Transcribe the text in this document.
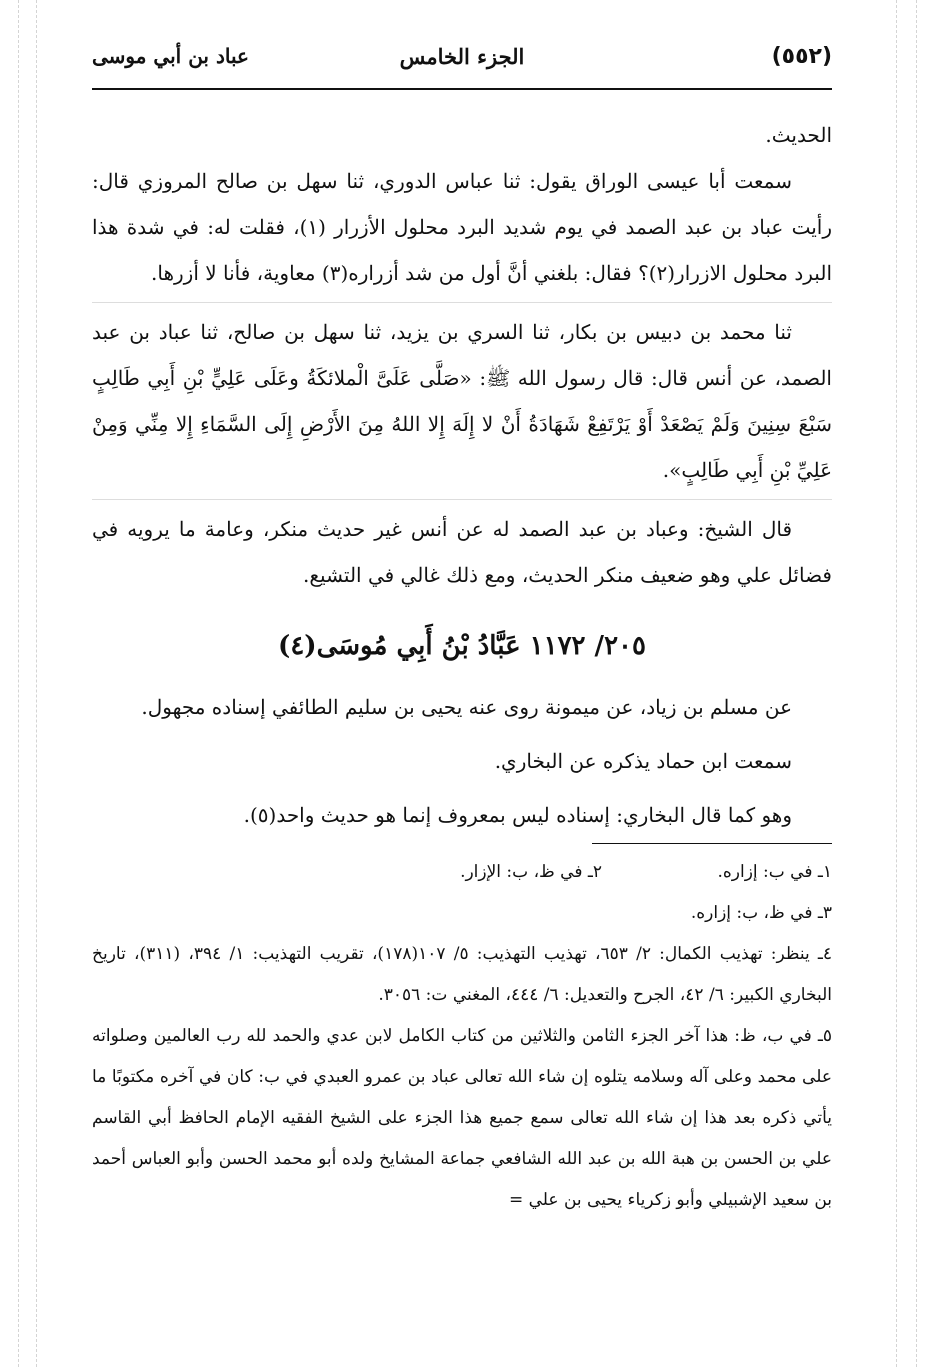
(٥٥٢)
الجزء الخامس
عباد بن أبي موسى

الحديث.

سمعت أبا عيسى الوراق يقول: ثنا عباس الدوري، ثنا سهل بن صالح المروزي قال: رأيت عباد بن عبد الصمد في يوم شديد البرد محلول الأزرار (١)، فقلت له: في شدة هذا البرد محلول الازرار(٢)؟ فقال: بلغني أنَّ أول من شد أزراره(٣) معاوية، فأنا لا أزرها.

ثنا محمد بن دبيس بن بكار، ثنا السري بن يزيد، ثنا سهل بن صالح، ثنا عباد بن عبد الصمد، عن أنس قال: قال رسول الله ﷺ: «صَلَّى عَلَىَّ الْملائكَةُ وعَلَى عَلِيٍّ بْنِ أَبِي طَالِبٍ سَبْعَ سِنِينَ وَلَمْ يَصْعَدْ أَوْ يَرْتَفِعْ شَهَادَةُ أَنْ لا إِلَهَ إِلا اللهُ مِنَ الأَرْضِ إِلَى السَّمَاءِ إِلا مِنِّي وَمِنْ عَلِيِّ بْنِ أَبِي طَالِبٍ».

قال الشيخ: وعباد بن عبد الصمد له عن أنس غير حديث منكر، وعامة ما يرويه في فضائل علي وهو ضعيف منكر الحديث، ومع ذلك غالي في التشيع.

٢٠٥/ ١١٧٢ عَبَّادُ بْنُ أَبِي مُوسَى(٤)

عن مسلم بن زياد، عن ميمونة روى عنه يحيى بن سليم الطائفي إسناده مجهول.

سمعت ابن حماد يذكره عن البخاري.

وهو كما قال البخاري: إسناده ليس بمعروف إنما هو حديث واحد(٥).

١ـ في ب: إزاره.
٢ـ في ظ، ب: الإزار.

٣ـ في ظ، ب: إزاره.

٤ـ ينظر: تهذيب الكمال: ٢/ ٦٥٣، تهذيب التهذيب: ٥/ ١٠٧(١٧٨)، تقريب التهذيب: ١/ ٣٩٤، (٣١١)، تاريخ البخاري الكبير: ٦/ ٤٢، الجرح والتعديل: ٦/ ٤٤٤، المغني ت: ٣٠٥٦.

٥ـ في ب، ظ: هذا آخر الجزء الثامن والثلاثين من كتاب الكامل لابن عدي والحمد لله رب العالمين وصلواته على محمد وعلى آله وسلامه يتلوه إن شاء الله تعالى عباد بن عمرو العبدي في ب: كان في آخره مكتوبًا ما يأتي ذكره بعد هذا إن شاء الله تعالى سمع جميع هذا الجزء على الشيخ الفقيه الإمام الحافظ أبي القاسم علي بن الحسن بن هبة الله بن عبد الله الشافعي جماعة المشايخ ولده أبو محمد الحسن وأبو العباس أحمد بن سعيد الإشبيلي وأبو زكرياء يحيى بن علي =
